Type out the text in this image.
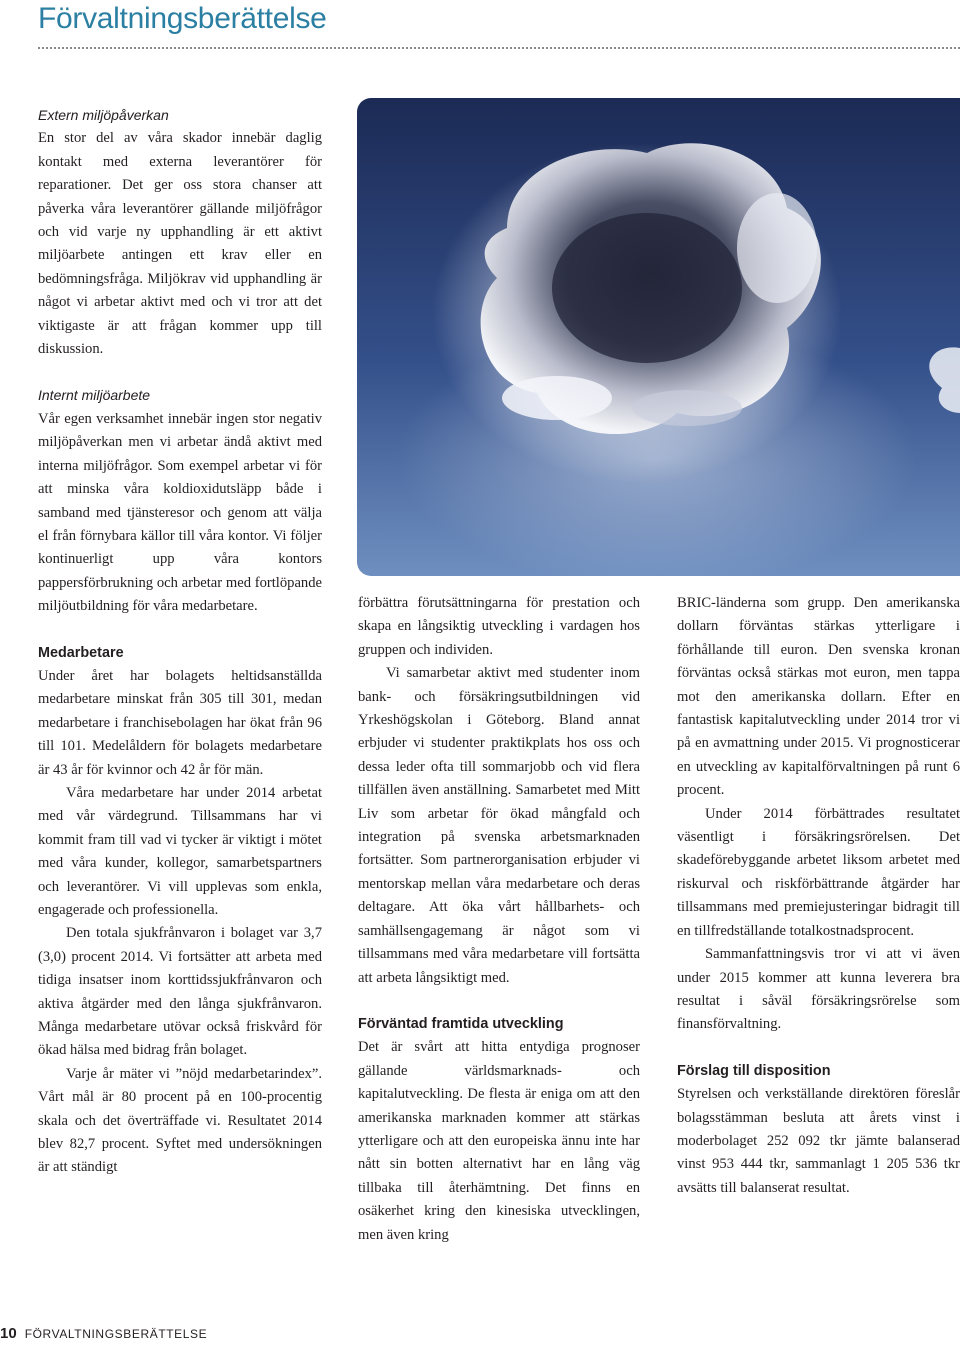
Förvaltningsberättelse

Extern miljöpåverkan

En stor del av våra skador innebär daglig kontakt med externa leverantörer för reparationer. Det ger oss stora chanser att påverka våra leverantörer gällande miljöfrågor och vid varje ny upphandling är ett aktivt miljöarbete antingen ett krav eller en bedömningsfråga. Miljökrav vid upphandling är något vi arbetar aktivt med och vi tror att det viktigaste är att frågan kommer upp till diskussion.

Internt miljöarbete

Vår egen verksamhet innebär ingen stor negativ miljöpåverkan men vi arbetar ändå aktivt med interna miljöfrågor. Som exempel arbetar vi för att minska våra koldioxidutsläpp både i samband med tjänsteresor och genom att välja el från förnybara källor till våra kontor. Vi följer kontinuerligt upp våra kontors pappersförbrukning och arbetar med fortlöpande miljöutbildning för våra medarbetare.

Medarbetare

Under året har bolagets heltidsanställda medarbetare minskat från 305 till 301, medan medarbetare i franchisebolagen har ökat från 96 till 101. Medelåldern för bolagets medarbetare är 43 år för kvinnor och 42 år för män.

Våra medarbetare har under 2014 arbetat med vår värdegrund. Tillsammans har vi kommit fram till vad vi tycker är viktigt i mötet med våra kunder, kollegor, samarbetspartners och leverantörer. Vi vill upplevas som enkla, engagerade och professionella.

Den totala sjukfrånvaron i bolaget var 3,7 (3,0) procent 2014. Vi fortsätter att arbeta med tidiga insatser inom korttidssjukfrånvaron och aktiva åtgärder med den långa sjukfrånvaron. Många medarbetare utövar också friskvård för ökad hälsa med bidrag från bolaget.

Varje år mäter vi ”nöjd medarbetarindex”. Vårt mål är 80 procent på en 100-procentig skala och det överträffade vi. Resultatet 2014 blev 82,7 procent. Syftet med undersökningen är att ständigt

förbättra förutsättningarna för prestation och skapa en långsiktig utveckling i vardagen hos gruppen och individen.

Vi samarbetar aktivt med studenter inom bank- och försäkringsutbildningen vid Yrkeshögskolan i Göteborg. Bland annat erbjuder vi studenter praktikplats hos oss och dessa leder ofta till sommarjobb och vid flera tillfällen även anställning. Samarbetet med Mitt Liv som arbetar för ökad mångfald och integration på svenska arbetsmarknaden fortsätter. Som partnerorganisation erbjuder vi mentorskap mellan våra medarbetare och deras deltagare. Att öka vårt hållbarhets- och samhällsengagemang är något som vi tillsammans med våra medarbetare vill fortsätta att arbeta långsiktigt med.

Förväntad framtida utveckling

Det är svårt att hitta entydiga prognoser gällande världsmarknads- och kapitalutveckling. De flesta är eniga om att den amerikanska marknaden kommer att stärkas ytterligare och att den europeiska ännu inte har nått sin botten alternativt har en lång väg tillbaka till återhämtning. Det finns en osäkerhet kring den kinesiska utvecklingen, men även kring

BRIC-länderna som grupp. Den amerikanska dollarn förväntas stärkas ytterligare i förhållande till euron. Den svenska kronan förväntas också stärkas mot euron, men tappa mot den amerikanska dollarn. Efter en fantastisk kapitalutveckling under 2014 tror vi på en avmattning under 2015. Vi prognosticerar en utveckling av kapitalförvaltningen på runt 6 procent.

Under 2014 förbättrades resultatet väsentligt i försäkringsrörelsen. Det skadeförebyggande arbetet liksom arbetet med riskurval och riskförbättrande åtgärder har tillsammans med premiejusteringar bidragit till en tillfredställande totalkostnadsprocent.

Sammanfattningsvis tror vi att vi även under 2015 kommer att kunna leverera bra resultat i såväl försäkringsrörelse som finansförvaltning.

Förslag till disposition

Styrelsen och verkställande direktören föreslår bolagsstämman besluta att årets vinst i moderbolaget 252 092 tkr jämte balanserad vinst 953 444 tkr, sammanlagt 1 205 536 tkr avsätts till balanserat resultat.

10 FÖRVALTNINGSBERÄTTELSE
